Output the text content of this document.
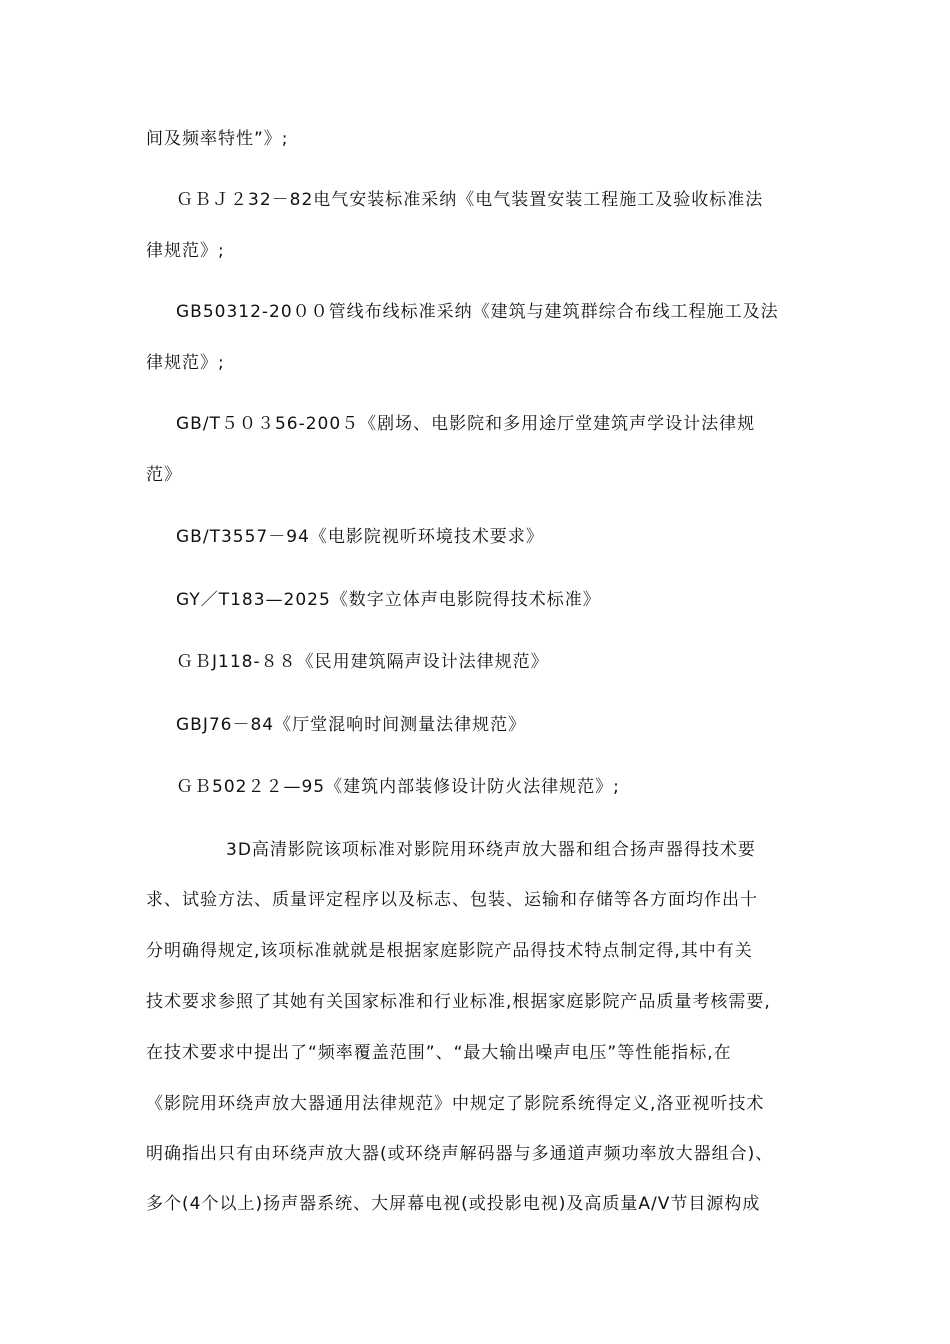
间及频率特性”》;
ＧＢＪ２32－82电气安装标准采纳《电气装置安装工程施工及验收标准法
律规范》;
GB50312-20００管线布线标准采纳《建筑与建筑群综合布线工程施工及法
律规范》;
GB/T５０３56-200５《剧场、电影院和多用途厅堂建筑声学设计法律规
范》
GB/T3557－94《电影院视听环境技术要求》
GY／T183—2025《数字立体声电影院得技术标准》
ＧＢJ118-８８《民用建筑隔声设计法律规范》
GBJ76－84《厅堂混响时间测量法律规范》
ＧＢ502２２—95《建筑内部装修设计防火法律规范》;
3D高清影院该项标准对影院用环绕声放大器和组合扬声器得技术要
求、试验方法、质量评定程序以及标志、包装、运输和存储等各方面均作出十
分明确得规定,该项标准就就是根据家庭影院产品得技术特点制定得,其中有关
技术要求参照了其她有关国家标准和行业标准,根据家庭影院产品质量考核需要,
在技术要求中提出了“频率覆盖范围”、“最大输出噪声电压”等性能指标,在
《影院用环绕声放大器通用法律规范》中规定了影院系统得定义,洛亚视听技术
明确指出只有由环绕声放大器(或环绕声解码器与多通道声频功率放大器组合)、
多个(4个以上)扬声器系统、大屏幕电视(或投影电视)及高质量A/V节目源构成
